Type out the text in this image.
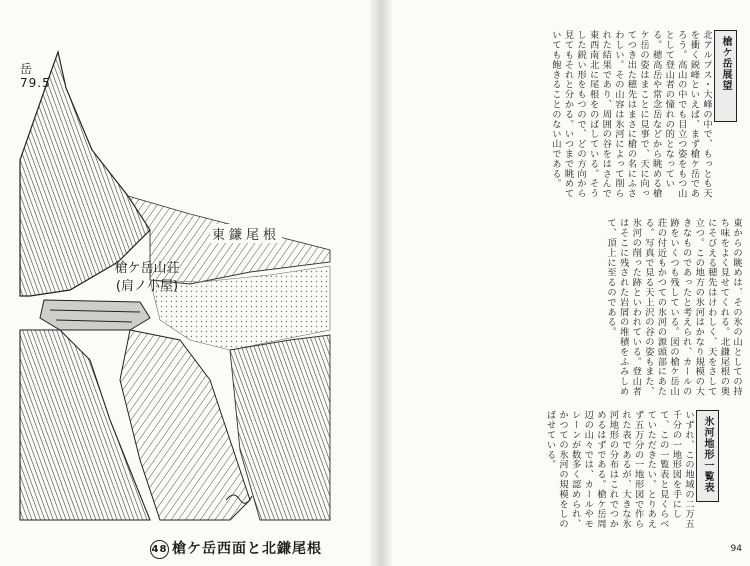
岳
79.5
東鎌尾根
槍ケ岳山荘
(肩ノ小屋)
48 槍ケ岳西面と北鎌尾根
槍ケ岳展望
北アルプス・大峰の中で、もっとも天を衝く鋭峰といえば、まず槍ケ岳であろう。高山の中でも目立つ姿をもつ山として登山者の憧れの的となっている。穂高岳や常念岳などから眺める槍ケ岳の姿はまことに見事で、天に向ってつき出た穂先はまさに槍の名にふさわしい。その山容は氷河によって削られた結果であり、周囲の谷をはさんで東西南北に尾根をのばしている。そうした鋭い形をもつので、どの方向から見てもそれと分かる。いつまで眺めていても飽きることのない山である。
東からの眺めは、その氷の山としての持ち味をよく見せてくれる。北鎌尾根の奥にそびえる穂先はけわしく、天をさして立つ。この地方の氷河はかなり規模の大きなものであったと考えられ、カールの跡をいくつも残している。図の槍ケ岳山荘の付近もかつての氷河の源頭部にあたる。写真で見る天上沢の谷の姿もまた、氷河の削った跡といわれている。登山者はそこに残された岩屑の堆積をふみしめて、頂上に至るのである。
氷河地形一覧表
いずれ、この地域の二万五千分の一地形図を手にして、この一覧表と見くらべていただきたい。とりあえず五万分の一地形図で作られた表であるが、大きな氷河地形の分布はこれでつかめるはずである。槍ケ岳周辺の山々では、カールやモレーンが数多く認められ、かつての氷河の規模をしのばせている。
94
